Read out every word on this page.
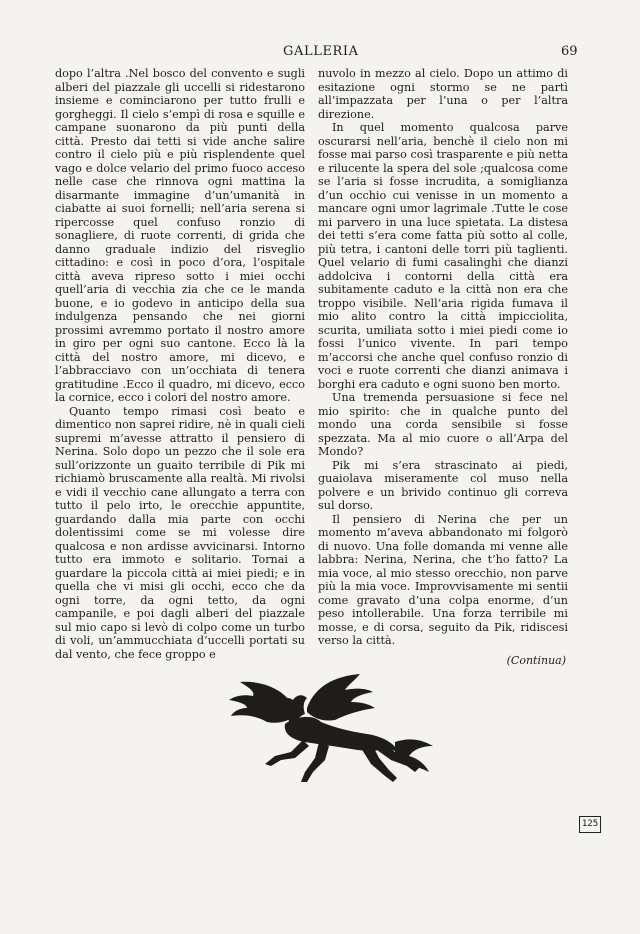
GALLERIA	69

dopo l’altra .Nel bosco del convento e sugli alberi del piazzale gli uccelli si ridestarono insieme e cominciarono per tutto frulli e gorgheggi. Il cielo s’empì di rosa e squille e campane suonarono da più punti della città. Presto dai tetti si vide anche salire contro il cielo più e più risplendente quel vago e dolce velario del primo fuoco acceso nelle case che rinnova ogni mattina la disarmante immagine d’un’umanità in ciabatte ai suoi fornelli; nell’aria serena si ripercosse quel confuso ronzio di sonagliere, di ruote correnti, di grida che danno graduale indizio del risveglio cittadino: e così in poco d’ora, l’ospitale città aveva ripreso sotto i miei occhi quell’aria di vecchia zia che ce le manda buone, e io godevo in anticipo della sua indulgenza pensando che nei giorni prossimi avremmo portato il nostro amore in giro per ogni suo cantone. Ecco là la città del nostro amore, mi dicevo, e l’abbracciavo con un’occhiata di tenera gratitudine .Ecco il quadro, mi dicevo, ecco la cornice, ecco i colori del nostro amore.

Quanto tempo rimasi così beato e dimentico non saprei ridire, nè in quali cieli supremi m’avesse attratto il pensiero di Nerina. Solo dopo un pezzo che il sole era sull’orizzonte un guaito terribile di Pik mi richiamò bruscamente alla realtà. Mi rivolsi e vidi il vecchio cane allungato a terra con tutto il pelo irto, le orecchie appuntite, guardando dalla mia parte con occhi dolentissimi come se mi volesse dire qualcosa e non ardisse avvicinarsi. Intorno tutto era immoto e solitario. Tornai a guardare la piccola città ai miei piedi; e in quella che vi misi gli occhi, ecco che da ogni torre, da ogni tetto, da ogni campanile, e poi dagli alberi del piazzale sul mio capo si levò di colpo come un turbo di voli, un’ammucchiata d’uccelli portati su dal vento, che fece groppo e

nuvolo in mezzo al cielo. Dopo un attimo di esitazione ogni stormo se ne partì all’impazzata per l’una o per l’altra direzione.

In quel momento qualcosa parve oscurarsi nell’aria, benchè il cielo non mi fosse mai parso così trasparente e più netta e rilucente la spera del sole ;qualcosa come se l’aria si fosse incrudita, a somiglianza d’un occhio cui venisse in un momento a mancare ogni umor lagrimale .Tutte le cose mi parvero in una luce spietata. La distesa dei tetti s’era come fatta più sotto al colle, più tetra, i cantoni delle torri più taglienti. Quel velario di fumi casalinghi che dianzi addolciva i contorni della città era subitamente caduto e la città non era che troppo visibile. Nell’aria rigida fumava il mio alito contro la città impicciolita, scurita, umiliata sotto i miei piedi come io fossi l’unico vivente. In pari tempo m’accorsi che anche quel confuso ronzio di voci e ruote correnti che dianzi animava i borghi era caduto e ogni suono ben morto.

Una tremenda persuasione si fece nel mio spirito: che in qualche punto del mondo una corda sensibile si fosse spezzata. Ma al mio cuore o all’Arpa del Mondo?

Pik mi s’era strascinato ai piedi, guaiolava miseramente col muso nella polvere e un brivido continuo gli correva sul dorso.

Il pensiero di Nerina che per un momento m’aveva abbandonato mi folgorò di nuovo. Una folle domanda mi venne alle labbra: Nerina, Nerina, che t’ho fatto? La mia voce, al mio stesso orecchio, non parve più la mia voce. Improvvisamente mi sentii come gravato d’una colpa enorme, d’un peso intollerabile. Una forza terribile mi mosse, e di corsa, seguito da Pik, ridiscesi verso la città.

(Continua)
125
